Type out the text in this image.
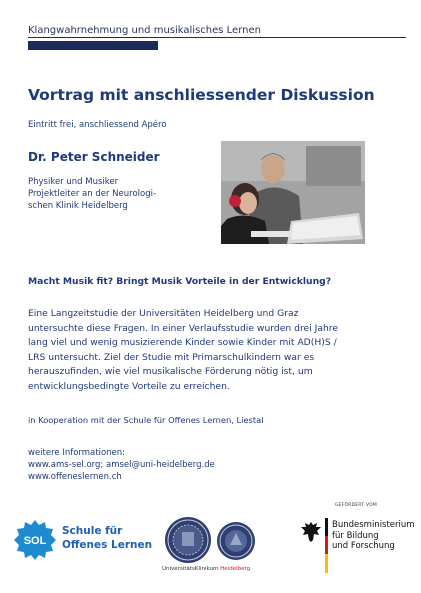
Klangwahrnehmung und musikalisches Lernen
Vortrag mit anschliessender Diskussion
Eintritt frei, anschliessend Apéro
Dr. Peter Schneider
Physiker und Musiker
Projektleiter an der Neurologi-
schen Klinik Heidelberg
Macht Musik fit? Bringt Musik Vorteile in der Entwicklung?
Eine Langzeitstudie der Universitäten Heidelberg und Graz
untersuchte diese Fragen. In einer Verlaufsstudie wurden drei Jahre
lang viel und wenig musizierende Kinder sowie Kinder mit AD(H)S /
LRS untersucht. Ziel der Studie mit Primarschulkindern war es
herauszufinden, wie viel musikalische Förderung nötig ist, um
entwicklungsbedingte Vorteile zu erreichen.
in Kooperation mit der Schule für Offenes Lernen, Liestal
weitere Informationen:
www.ams-sel.org; amsel@uni-heidelberg.de
www.offeneslernen.ch
SOL
Schule für
Offenes Lernen
UniversitätsKlinikum Heidelberg
GEFÖRDERT VOM
Bundesministerium
für Bildung
und Forschung
